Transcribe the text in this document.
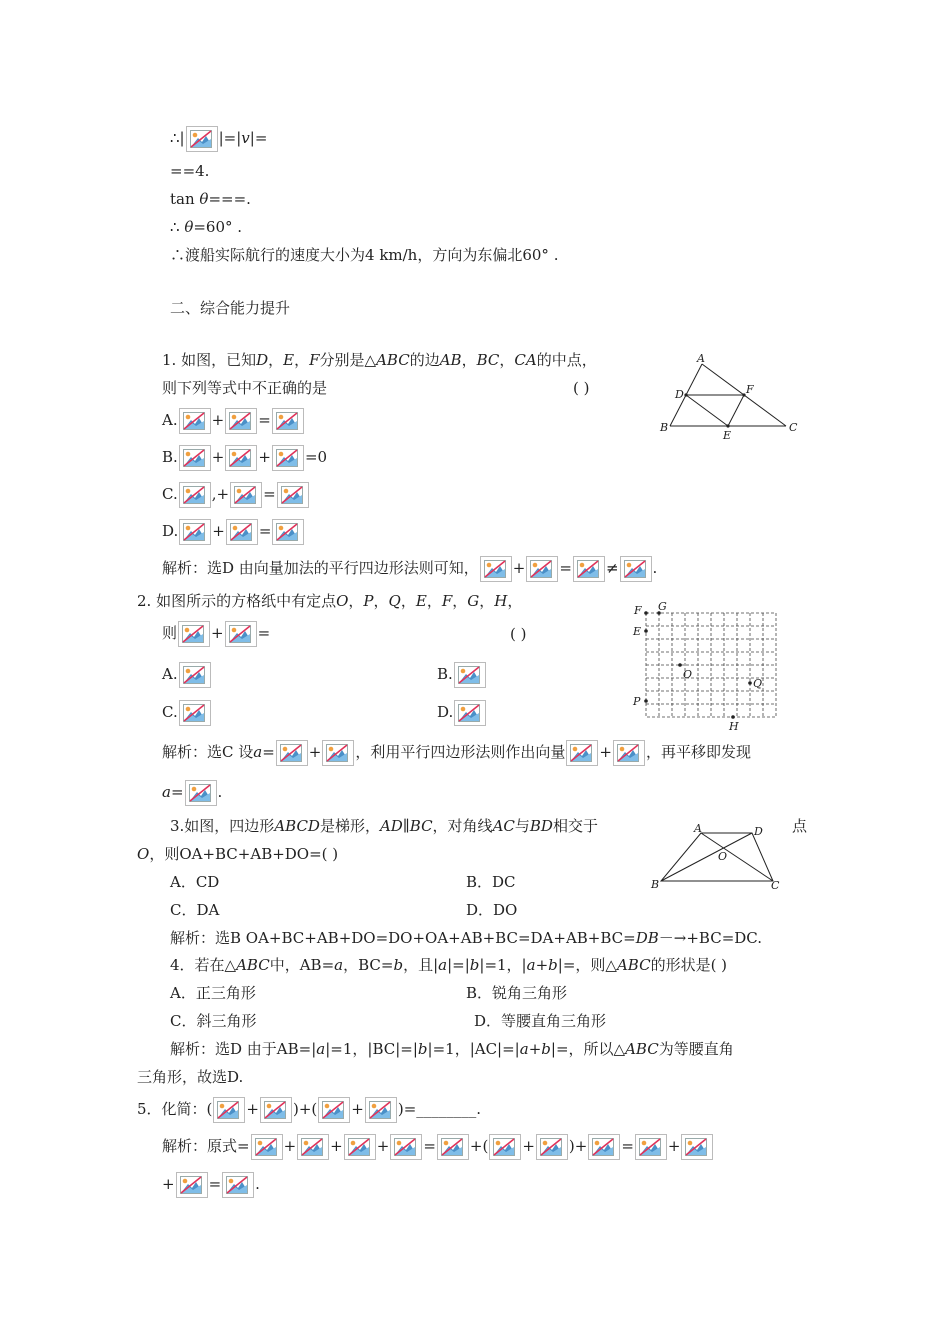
∴| |=|v|=
==4.
tan θ===.
∴ θ=60° .
∴渡船实际航行的速度大小为4 km/h，方向为东偏北60° .
二、综合能力提升
1. 如图，已知D，E，F分别是△ABC的边AB，BC，CA的中点，
则下列等式中不正确的是	( )
A. + =
B. + + =0
C. ,+ =
D. + =
解析：选D 由向量加法的平行四边形法则可知， + = ≠ .
A
B	C
D
E
F
2. 如图所示的方格纸中有定点O，P，Q，E，F，G，H，
则 + =	( )
A.	B.
C.	D.
解析：选C 设a= + ，利用平行四边形法则作出向量 + ，再平移即发现
a= .
F G
E
O
Q
P
H
3.如图，四边形ABCD是梯形，AD∥BC，对角线AC与BD相交于	点
O，则OA+BC+AB+DO=( )
A．CD	B．DC
C．DA	D．DO
解析：选B OA+BC+AB+DO=DO+OA+AB+BC=DA+AB+BC=DB－→+BC=DC.
A	D
O
B	C
4．若在△ABC中，AB=a，BC=b，且|a|=|b|=1，|a+b|=，则△ABC的形状是( )
A．正三角形	B．锐角三角形
C．斜三角形	D．等腰直角三角形
解析：选D 由于AB=|a|=1，|BC|=|b|=1，|AC|=|a+b|=，所以△ABC为等腰直角
三角形，故选D.
5．化简：( + )+( + )=________.
解析：原式= + + + = +( + )+ = +
+ = .
